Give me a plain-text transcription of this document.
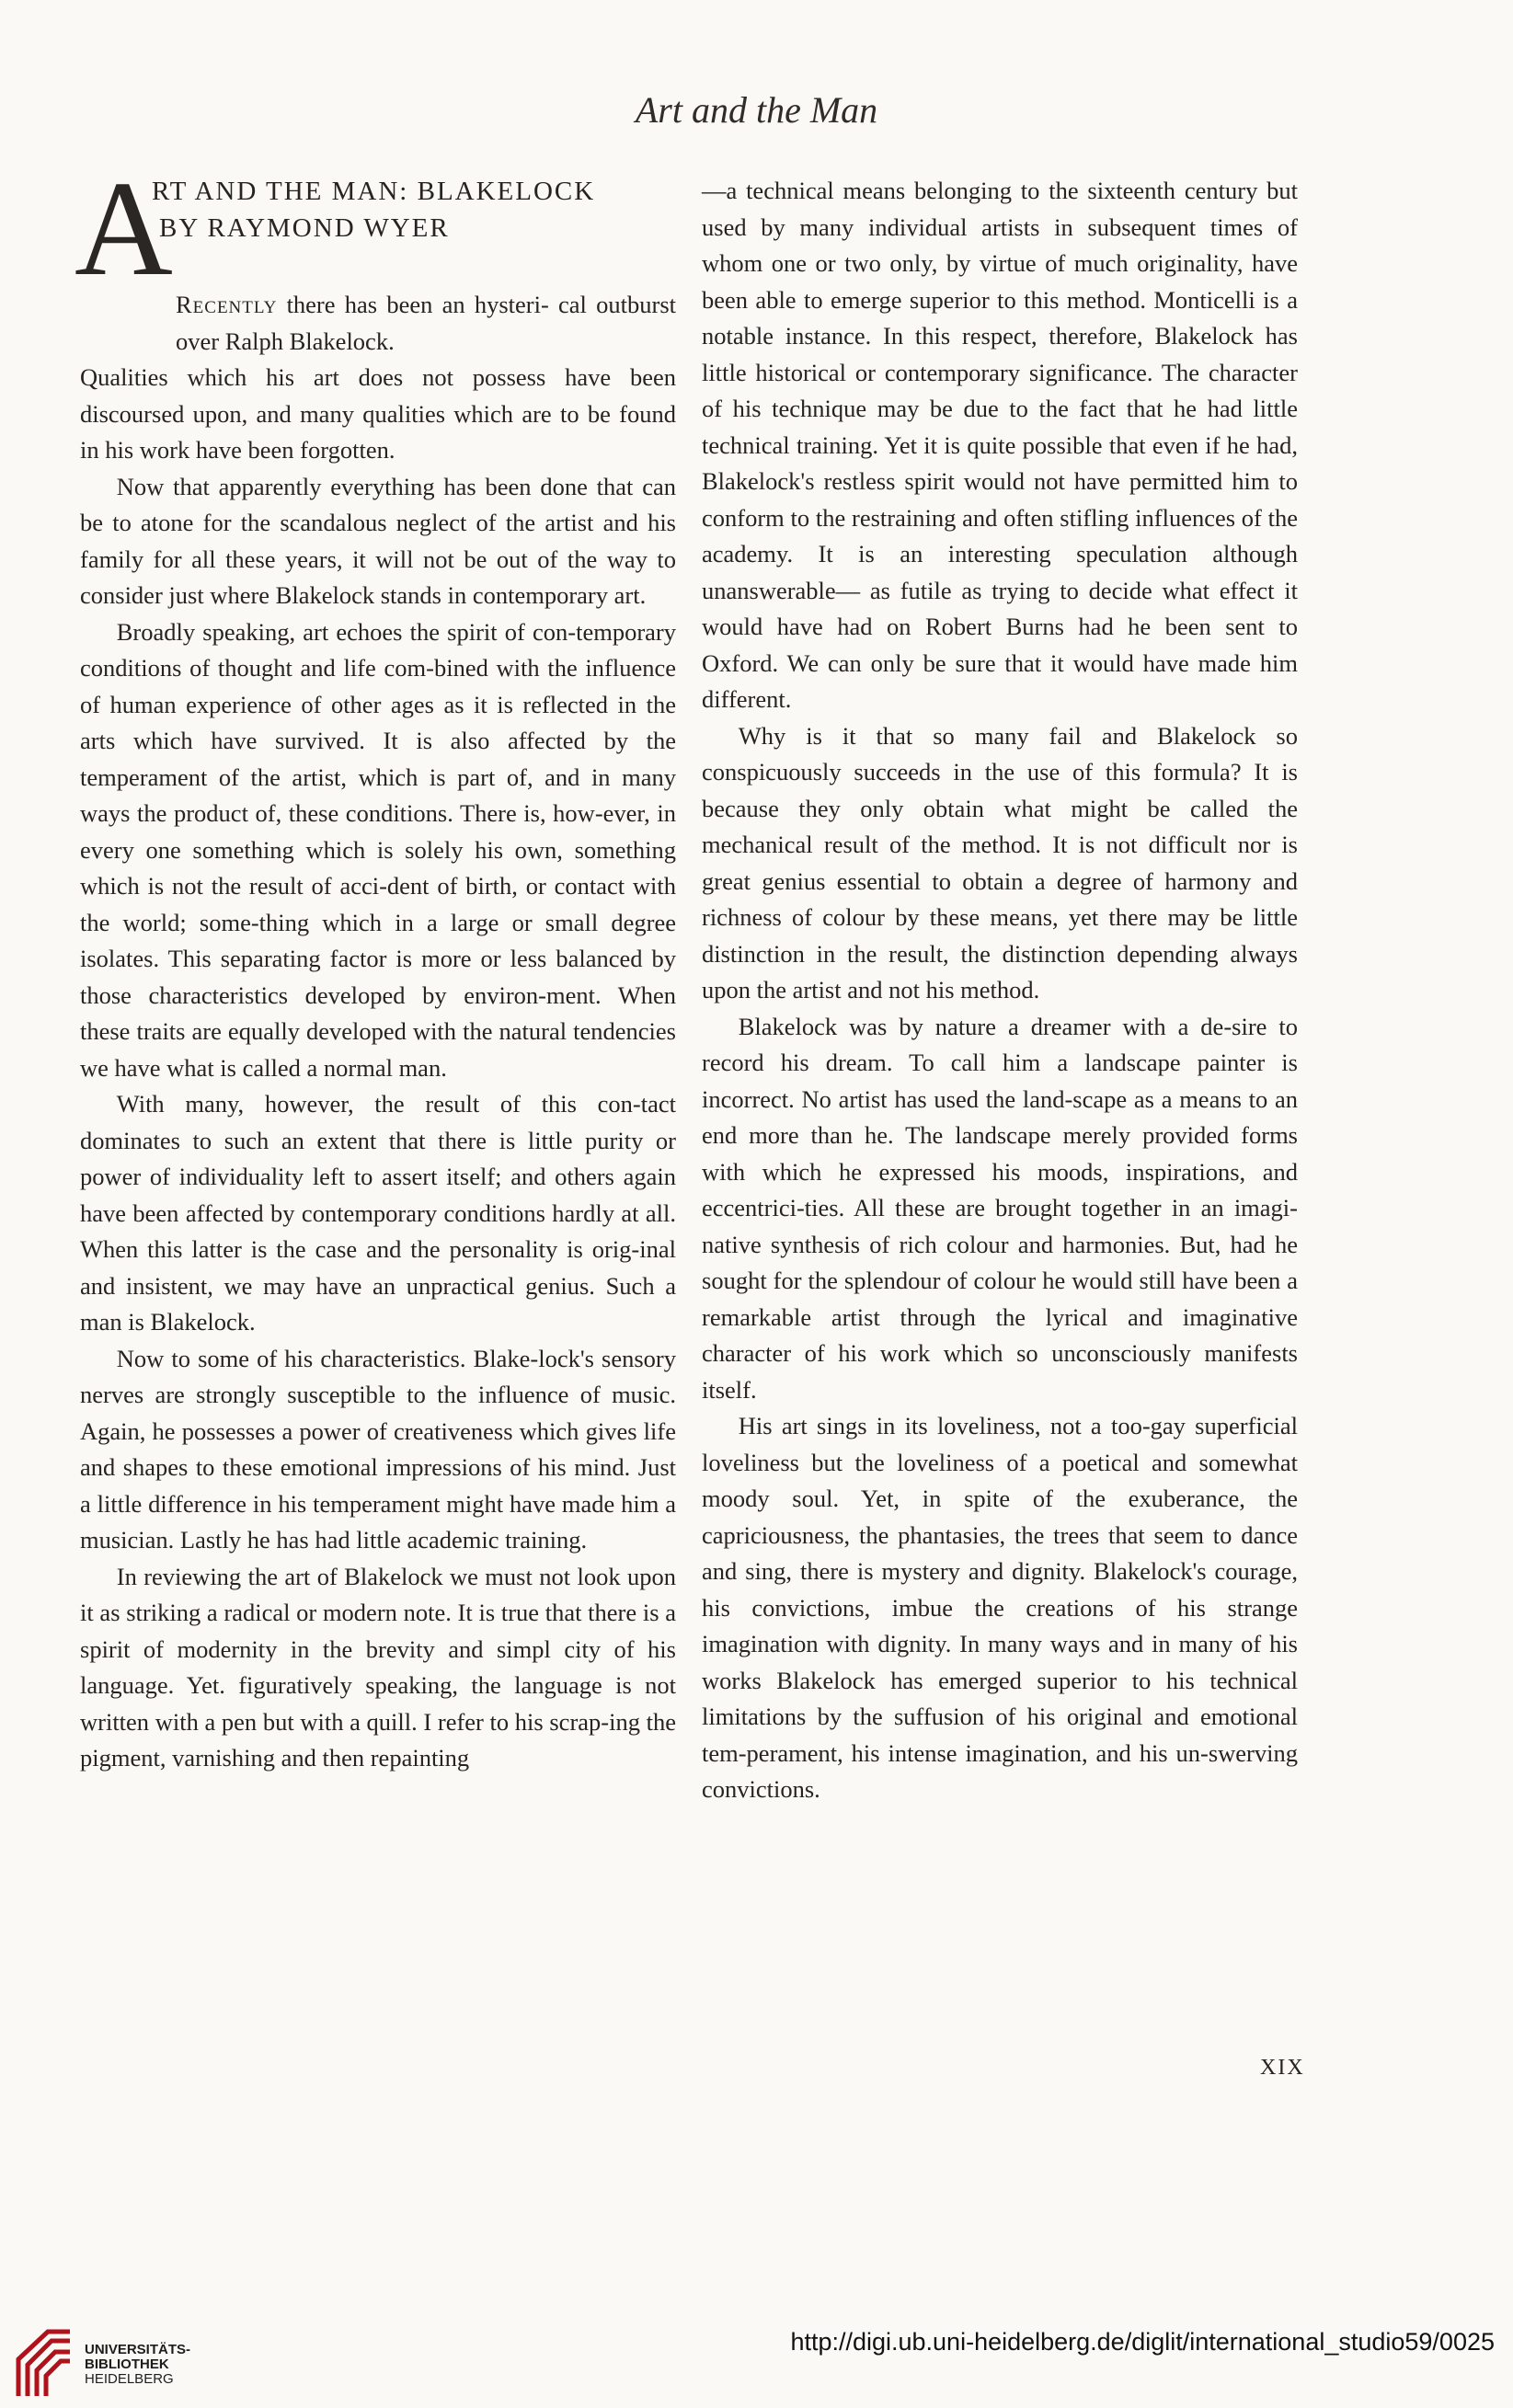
Art and the Man
A
RT AND THE MAN: BLAKELOCK
BY RAYMOND WYER

Recently there has been an hysteri- cal outburst over Ralph Blakelock.

Qualities which his art does not possess have been discoursed upon, and many qualities which are to be found in his work have been forgotten.

Now that apparently everything has been done that can be to atone for the scandalous neglect of the artist and his family for all these years, it will not be out of the way to consider just where Blakelock stands in contemporary art.

Broadly speaking, art echoes the spirit of con-temporary conditions of thought and life com-bined with the influence of human experience of other ages as it is reflected in the arts which have survived. It is also affected by the temperament of the artist, which is part of, and in many ways the product of, these conditions. There is, how-ever, in every one something which is solely his own, something which is not the result of acci-dent of birth, or contact with the world; some-thing which in a large or small degree isolates. This separating factor is more or less balanced by those characteristics developed by environ-ment. When these traits are equally developed with the natural tendencies we have what is called a normal man.

With many, however, the result of this con-tact dominates to such an extent that there is little purity or power of individuality left to assert itself; and others again have been affected by contemporary conditions hardly at all. When this latter is the case and the personality is orig-inal and insistent, we may have an unpractical genius. Such a man is Blakelock.

Now to some of his characteristics. Blake-lock's sensory nerves are strongly susceptible to the influence of music. Again, he possesses a power of creativeness which gives life and shapes to these emotional impressions of his mind. Just a little difference in his temperament might have made him a musician. Lastly he has had little academic training.

In reviewing the art of Blakelock we must not look upon it as striking a radical or modern note. It is true that there is a spirit of modernity in the brevity and simpl city of his language. Yet. figuratively speaking, the language is not written with a pen but with a quill. I refer to his scrap-ing the pigment, varnishing and then repainting

—a technical means belonging to the sixteenth century but used by many individual artists in subsequent times of whom one or two only, by virtue of much originality, have been able to emerge superior to this method. Monticelli is a notable instance. In this respect, therefore, Blakelock has little historical or contemporary significance. The character of his technique may be due to the fact that he had little technical training. Yet it is quite possible that even if he had, Blakelock's restless spirit would not have permitted him to conform to the restraining and often stifling influences of the academy. It is an interesting speculation although unanswerable— as futile as trying to decide what effect it would have had on Robert Burns had he been sent to Oxford. We can only be sure that it would have made him different.

Why is it that so many fail and Blakelock so conspicuously succeeds in the use of this formula? It is because they only obtain what might be called the mechanical result of the method. It is not difficult nor is great genius essential to obtain a degree of harmony and richness of colour by these means, yet there may be little distinction in the result, the distinction depending always upon the artist and not his method.

Blakelock was by nature a dreamer with a de-sire to record his dream. To call him a landscape painter is incorrect. No artist has used the land-scape as a means to an end more than he. The landscape merely provided forms with which he expressed his moods, inspirations, and eccentrici-ties. All these are brought together in an imagi-native synthesis of rich colour and harmonies. But, had he sought for the splendour of colour he would still have been a remarkable artist through the lyrical and imaginative character of his work which so unconsciously manifests itself.

His art sings in its loveliness, not a too-gay superficial loveliness but the loveliness of a poetical and somewhat moody soul. Yet, in spite of the exuberance, the capriciousness, the phantasies, the trees that seem to dance and sing, there is mystery and dignity. Blakelock's courage, his convictions, imbue the creations of his strange imagination with dignity. In many ways and in many of his works Blakelock has emerged superior to his technical limitations by the suffusion of his original and emotional tem-perament, his intense imagination, and his un-swerving convictions.

XIX
UNIVERSITÄTS-
BIBLIOTHEK
HEIDELBERG
http://digi.ub.uni-heidelberg.de/diglit/international_studio59/0025
